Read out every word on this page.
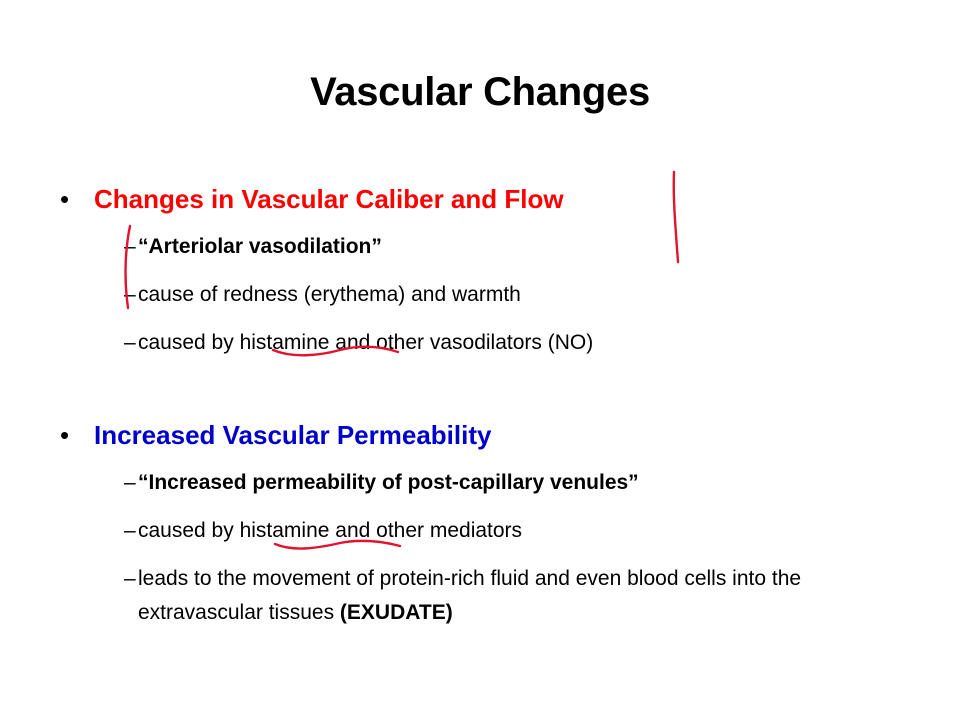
Vascular Changes
• Changes in Vascular Caliber and Flow
– “Arteriolar vasodilation”
– cause of redness (erythema) and warmth
– caused by histamine and other vasodilators (NO)
• Increased Vascular Permeability
– “Increased permeability of post-capillary venules”
– caused by histamine and other mediators
– leads to the movement of protein-rich fluid and even blood cells into the extravascular tissues (EXUDATE)
